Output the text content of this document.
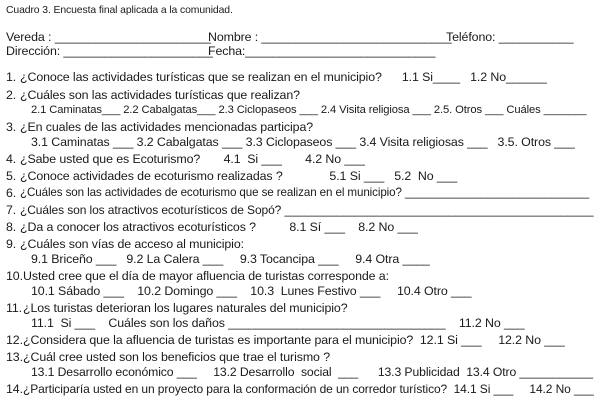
Cuadro 3. Encuesta final aplicada a la comunidad.
Vereda : _______________________
Nombre : ____________________________
Teléfono: ___________
Dirección: ______________________
Fecha:____________________________
1. ¿Conoce las actividades turísticas que se realizan en el municipio?      1.1 Si____   1.2 No______
2. ¿Cuáles son las actividades turísticas que realizan?
2.1 Caminatas___ 2.2 Cabalgatas___ 2.3 Ciclopaseos ___ 2.4 Visita religiosa ___ 2.5. Otros ___ Cuáles _______
3. ¿En cuales de las actividades mencionadas participa?
3.1 Caminatas ___ 3.2 Cabalgatas ___ 3.3 Ciclopaseos ___ 3.4 Visita religiosas ___   3.5. Otros ___
4. ¿Sabe usted que es Ecoturismo?       4.1  Si ___       4.2 No ___
5. ¿Conoce actividades de ecoturismo realizadas ?              5.1 Si ___   5.2  No ___
6. ¿Cuáles son las actividades de ecoturismo que se realizan en el municipio? _____________________________
7. ¿Cuáles son los atractivos ecoturísticos de Sopó? _______________________________________________
8. ¿Da a conocer los atractivos ecoturísticos ?          8.1 Sí ___    8.2 No ___
9. ¿Cuáles son vías de acceso al municipio:
9.1 Briceño ___   9.2 La Calera ___     9.3 Tocancipa ___     9.4 Otra ____
10. Usted cree que el día de mayor afluencia de turistas corresponde a:
10.1 Sábado ___    10.2 Domingo ___    10.3  Lunes Festivo ___     10.4 Otro ___
11. ¿Los turistas deterioran los lugares naturales del municipio?
11.1  Si ___    Cuáles son los daños ________________________________    11.2 No ___
12. ¿Considera que la afluencia de turistas es importante para el municipio?  12.1 Si ___     12.2 No ___
13. ¿Cuál cree usted son los beneficios que trae el turismo ?
13.1 Desarrollo económico ___     13.2 Desarrollo  social  ___      13.3 Publicidad  13.4 Otro ___________
14. ¿Participaría usted en un proyecto para la conformación de un corredor turístico?  14.1 Si ___     14.2 No ___
